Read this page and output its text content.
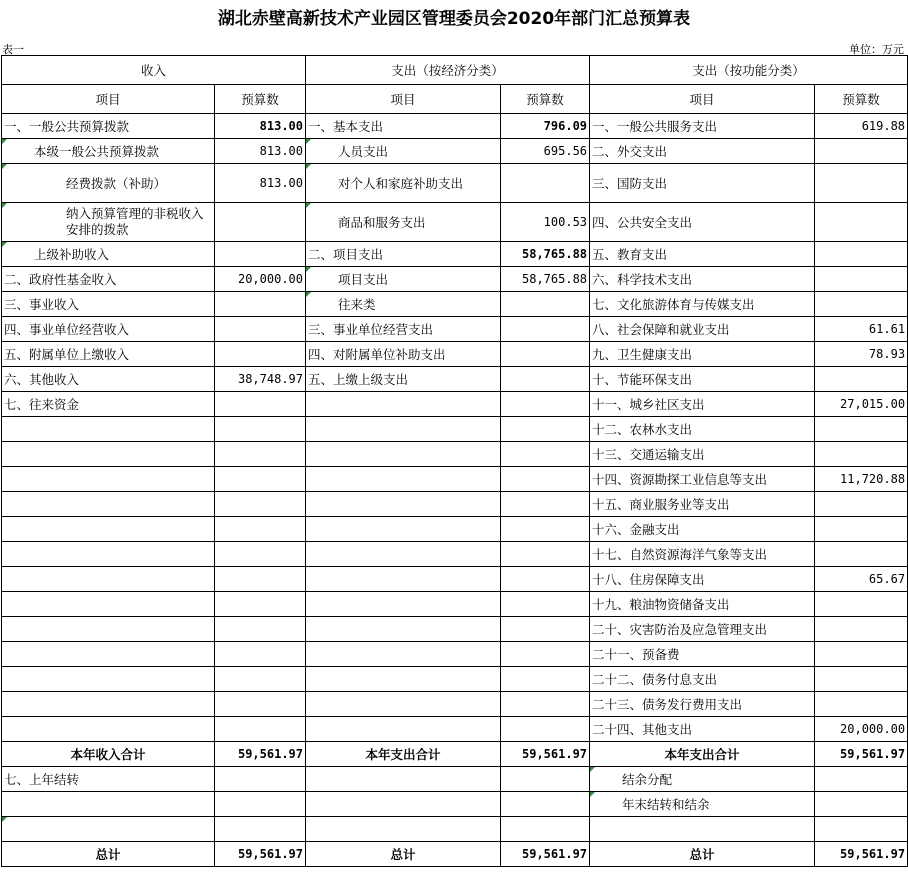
湖北赤壁高新技术产业园区管理委员会2020年部门汇总预算表
表一	单位：万元
收入		支出（按经济分类）		支出（按功能分类）	
项目	预算数	项目	预算数	项目	预算数
一、一般公共预算拨款	813.00	一、基本支出	796.09	一、一般公共服务支出	619.88
本级一般公共预算拨款	813.00	人员支出	695.56	二、外交支出	
经费拨款（补助）	813.00	对个人和家庭补助支出		三、国防支出	
纳入预算管理的非税收入安排的拨款		商品和服务支出	100.53	四、公共安全支出	
上级补助收入		二、项目支出	58,765.88	五、教育支出	
二、政府性基金收入	20,000.00	项目支出	58,765.88	六、科学技术支出	
三、事业收入		往来类		七、文化旅游体育与传媒支出	
四、事业单位经营收入		三、事业单位经营支出		八、社会保障和就业支出	61.61
五、附属单位上缴收入		四、对附属单位补助支出		九、卫生健康支出	78.93
六、其他收入	38,748.97	五、上缴上级支出		十、节能环保支出	
七、往来资金				十一、城乡社区支出	27,015.00
				十二、农林水支出	
				十三、交通运输支出	
				十四、资源勘探工业信息等支出	11,720.88
				十五、商业服务业等支出	
				十六、金融支出	
				十七、自然资源海洋气象等支出	
				十八、住房保障支出	65.67
				十九、粮油物资储备支出	
				二十、灾害防治及应急管理支出	
				二十一、预备费	
				二十二、债务付息支出	
				二十三、债务发行费用支出	
				二十四、其他支出	20,000.00
本年收入合计	59,561.97	本年支出合计	59,561.97	本年支出合计	59,561.97
七、上年结转				结余分配	
				年末结转和结余	

总计	59,561.97	总计	59,561.97	总计	59,561.97
